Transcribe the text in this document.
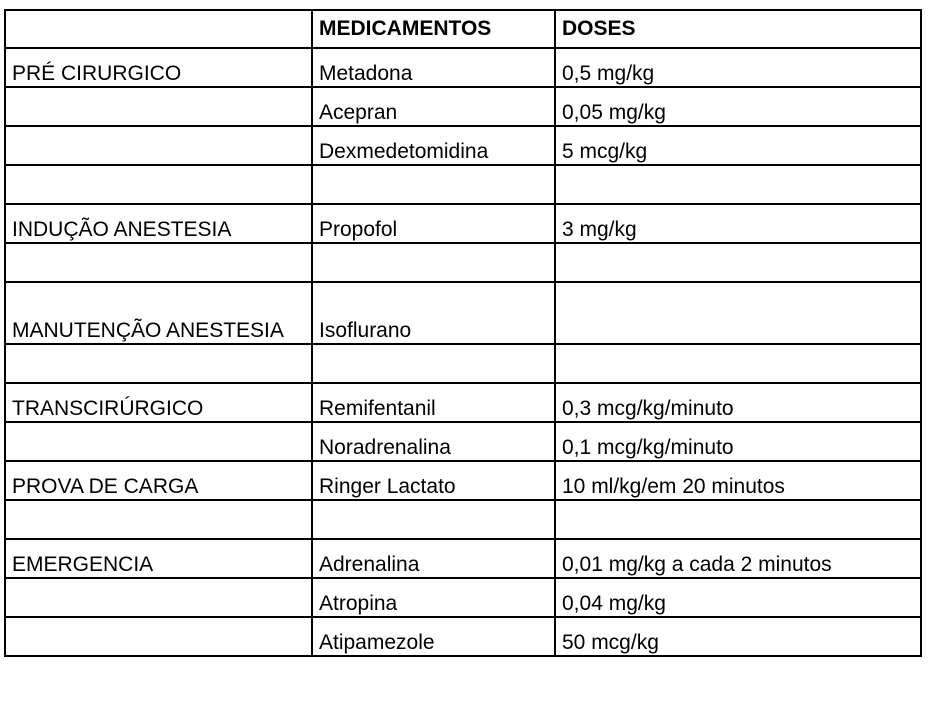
	MEDICAMENTOS	DOSES
PRÉ CIRURGICO	Metadona	0,5 mg/kg
	Acepran	0,05 mg/kg
	Dexmedetomidina	5 mcg/kg

INDUÇÃO ANESTESIA	Propofol	3 mg/kg

MANUTENÇÃO ANESTESIA	Isoflurano	

TRANSCIRÚRGICO	Remifentanil	0,3 mcg/kg/minuto
	Noradrenalina	0,1 mcg/kg/minuto
PROVA DE CARGA	Ringer Lactato	10 ml/kg/em 20 minutos

EMERGENCIA	Adrenalina	0,01 mg/kg a cada 2 minutos
	Atropina	0,04 mg/kg
	Atipamezole	50 mcg/kg
